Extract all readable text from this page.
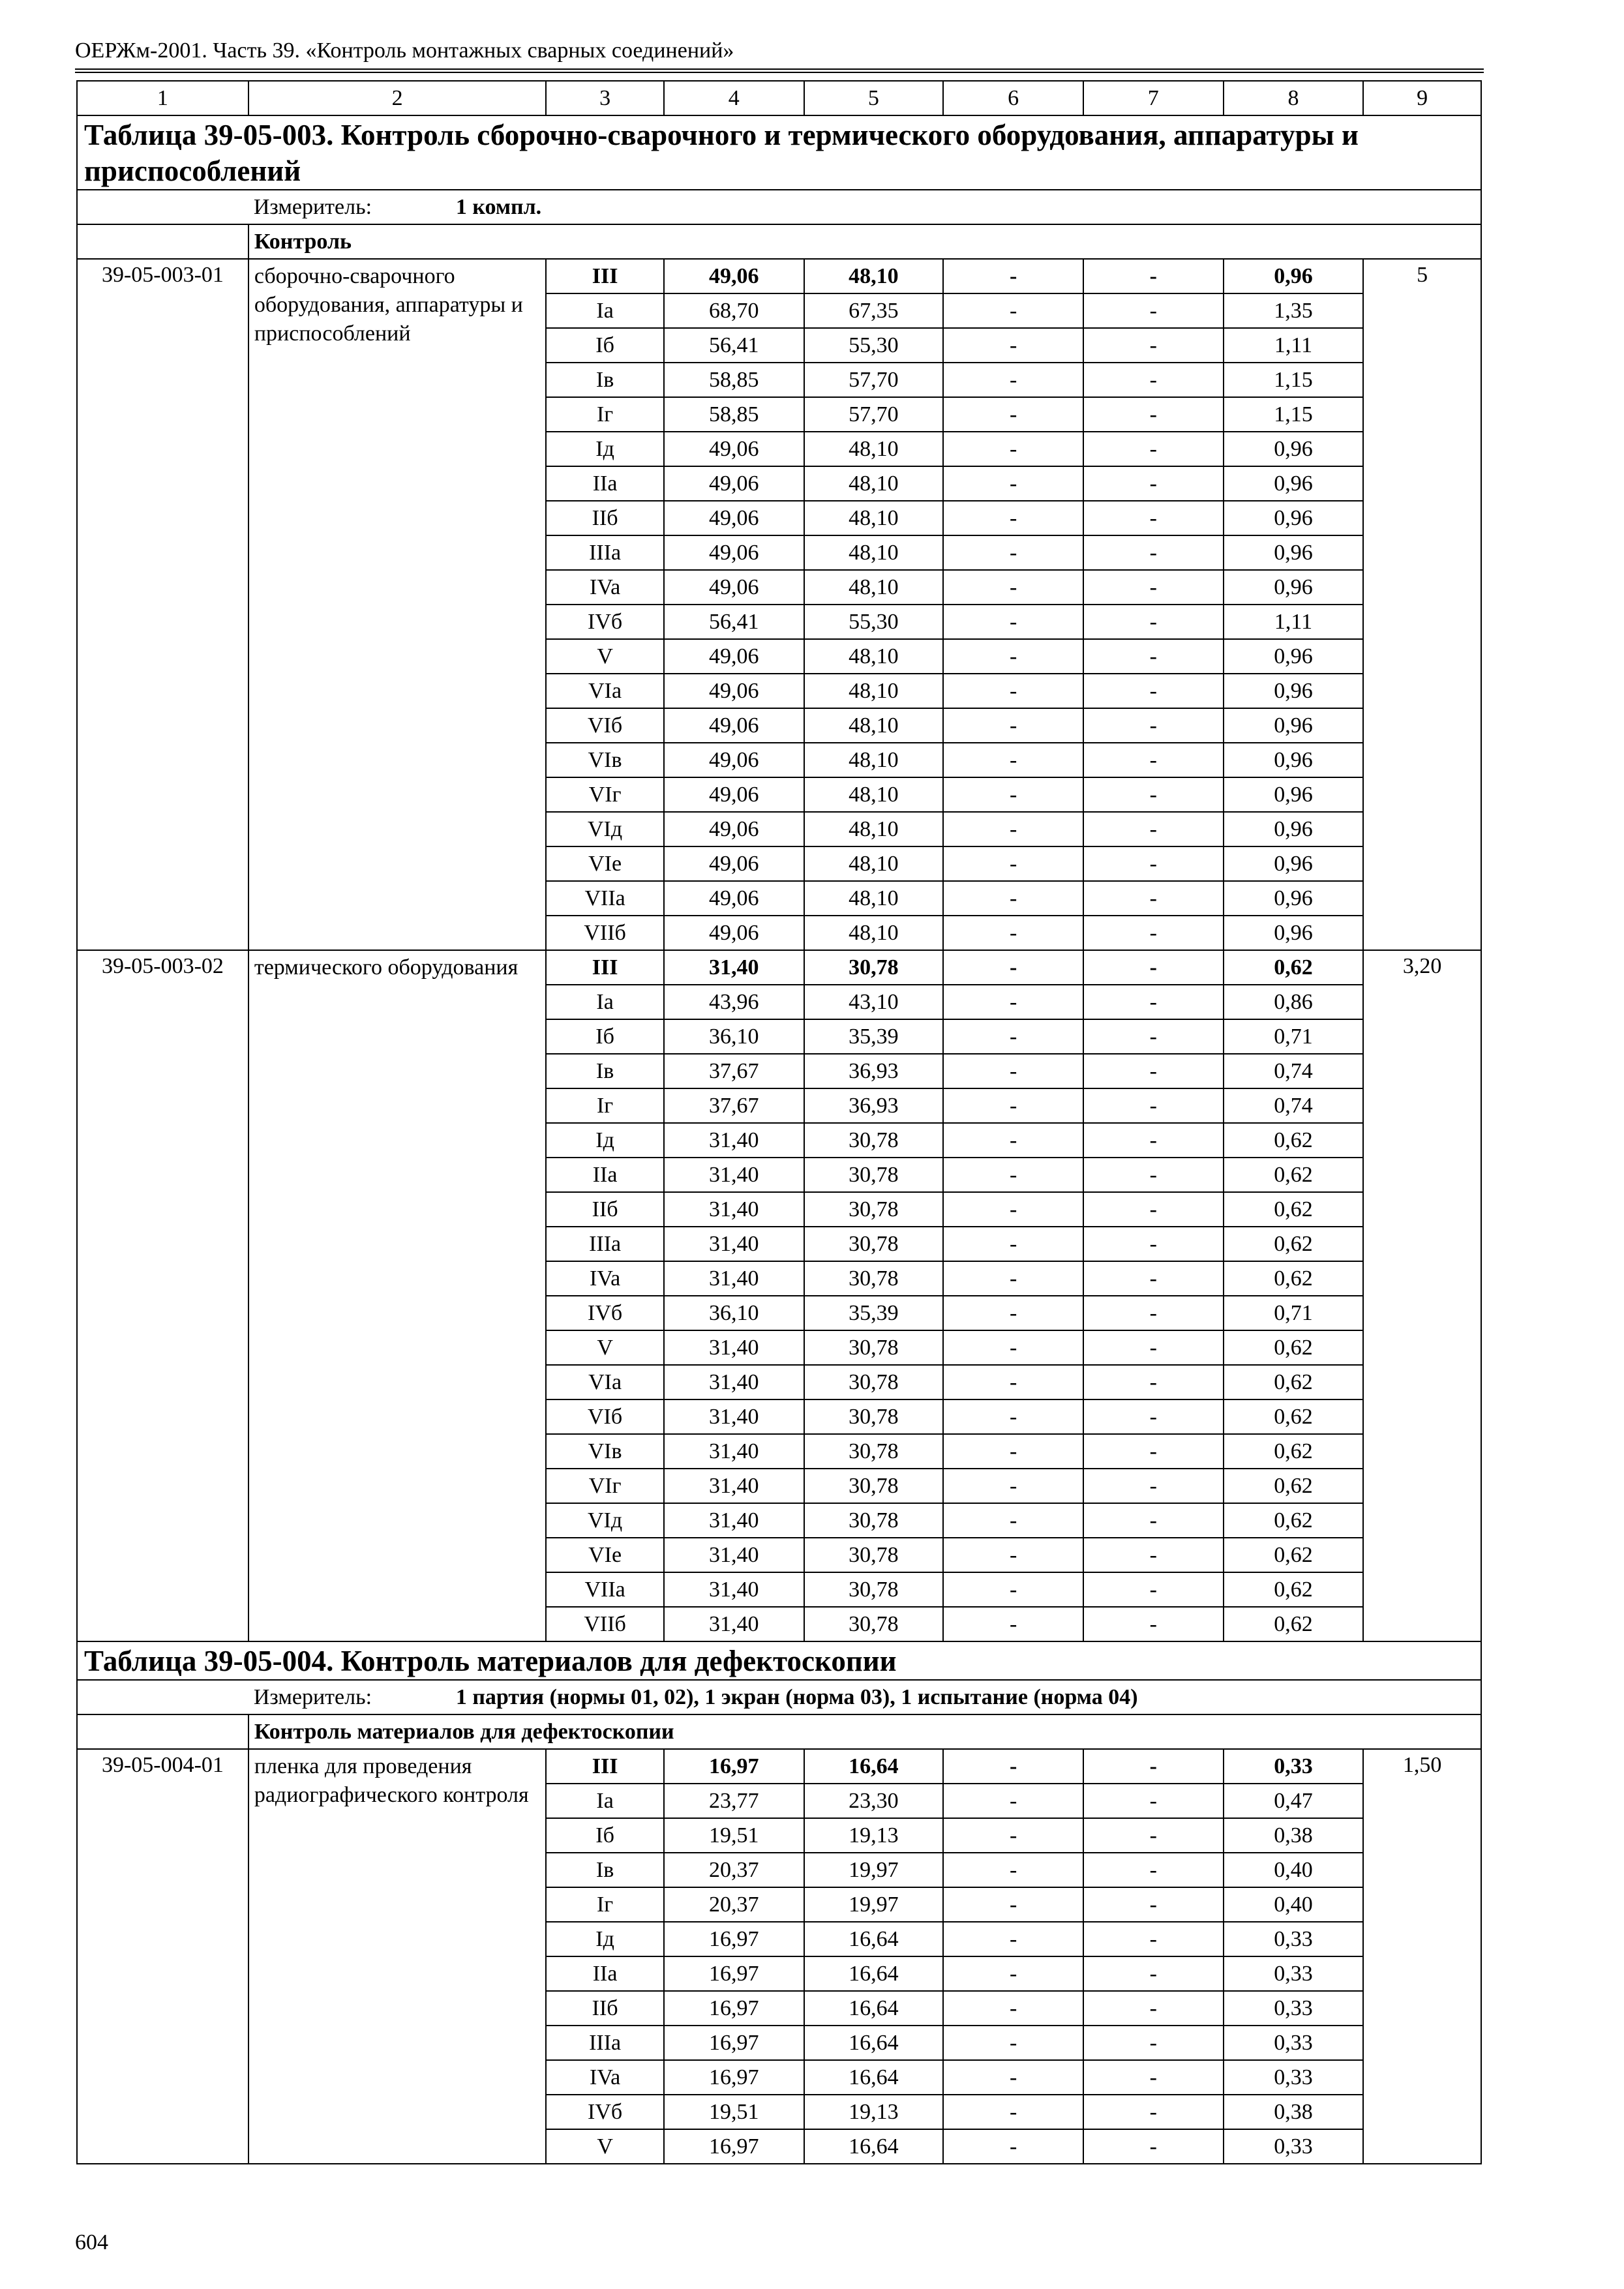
ОЕРЖм-2001. Часть 39. «Контроль монтажных сварных соединений»
1	2	3	4	5	6	7	8	9
Таблица 39-05-003. Контроль сборочно-сварочного и термического оборудования, аппаратуры и приспособлений								

	Измеритель: 1 компл.							

	Контроль							
39-05-003-01	сборочно-сварочного оборудования, аппаратуры и приспособлений	III	49,06	48,10	-	-	0,96	5
		Ia	68,70	67,35	-	-	1,35	
		Iб	56,41	55,30	-	-	1,11	
		Iв	58,85	57,70	-	-	1,15	
		Iг	58,85	57,70	-	-	1,15	
		Iд	49,06	48,10	-	-	0,96	
		IIa	49,06	48,10	-	-	0,96	
		IIб	49,06	48,10	-	-	0,96	
		IIIa	49,06	48,10	-	-	0,96	
		IVa	49,06	48,10	-	-	0,96	
		IVб	56,41	55,30	-	-	1,11	
		V	49,06	48,10	-	-	0,96	
		VIa	49,06	48,10	-	-	0,96	
		VIб	49,06	48,10	-	-	0,96	
		VIв	49,06	48,10	-	-	0,96	
		VIг	49,06	48,10	-	-	0,96	
		VIд	49,06	48,10	-	-	0,96	
		VIe	49,06	48,10	-	-	0,96	
		VIIa	49,06	48,10	-	-	0,96	
		VIIб	49,06	48,10	-	-	0,96	
39-05-003-02	термического оборудования	III	31,40	30,78	-	-	0,62	3,20
		Ia	43,96	43,10	-	-	0,86	
		Iб	36,10	35,39	-	-	0,71	
		Iв	37,67	36,93	-	-	0,74	
		Iг	37,67	36,93	-	-	0,74	
		Iд	31,40	30,78	-	-	0,62	
		IIa	31,40	30,78	-	-	0,62	
		IIб	31,40	30,78	-	-	0,62	
		IIIa	31,40	30,78	-	-	0,62	
		IVa	31,40	30,78	-	-	0,62	
		IVб	36,10	35,39	-	-	0,71	
		V	31,40	30,78	-	-	0,62	
		VIa	31,40	30,78	-	-	0,62	
		VIб	31,40	30,78	-	-	0,62	
		VIв	31,40	30,78	-	-	0,62	
		VIг	31,40	30,78	-	-	0,62	
		VIд	31,40	30,78	-	-	0,62	
		VIe	31,40	30,78	-	-	0,62	
		VIIa	31,40	30,78	-	-	0,62	
		VIIб	31,40	30,78	-	-	0,62	
Таблица 39-05-004. Контроль материалов для дефектоскопии								

	Измеритель: 1 партия (нормы 01, 02), 1 экран (норма 03), 1 испытание (норма 04)							

	Контроль материалов для дефектоскопии							
39-05-004-01	пленка для проведения радиографического контроля	III	16,97	16,64	-	-	0,33	1,50
		Ia	23,77	23,30	-	-	0,47	
		Iб	19,51	19,13	-	-	0,38	
		Iв	20,37	19,97	-	-	0,40	
		Iг	20,37	19,97	-	-	0,40	
		Iд	16,97	16,64	-	-	0,33	
		IIa	16,97	16,64	-	-	0,33	
		IIб	16,97	16,64	-	-	0,33	
		IIIa	16,97	16,64	-	-	0,33	
		IVa	16,97	16,64	-	-	0,33	
		IVб	19,51	19,13	-	-	0,38	
		V	16,97	16,64	-	-	0,33	
604
